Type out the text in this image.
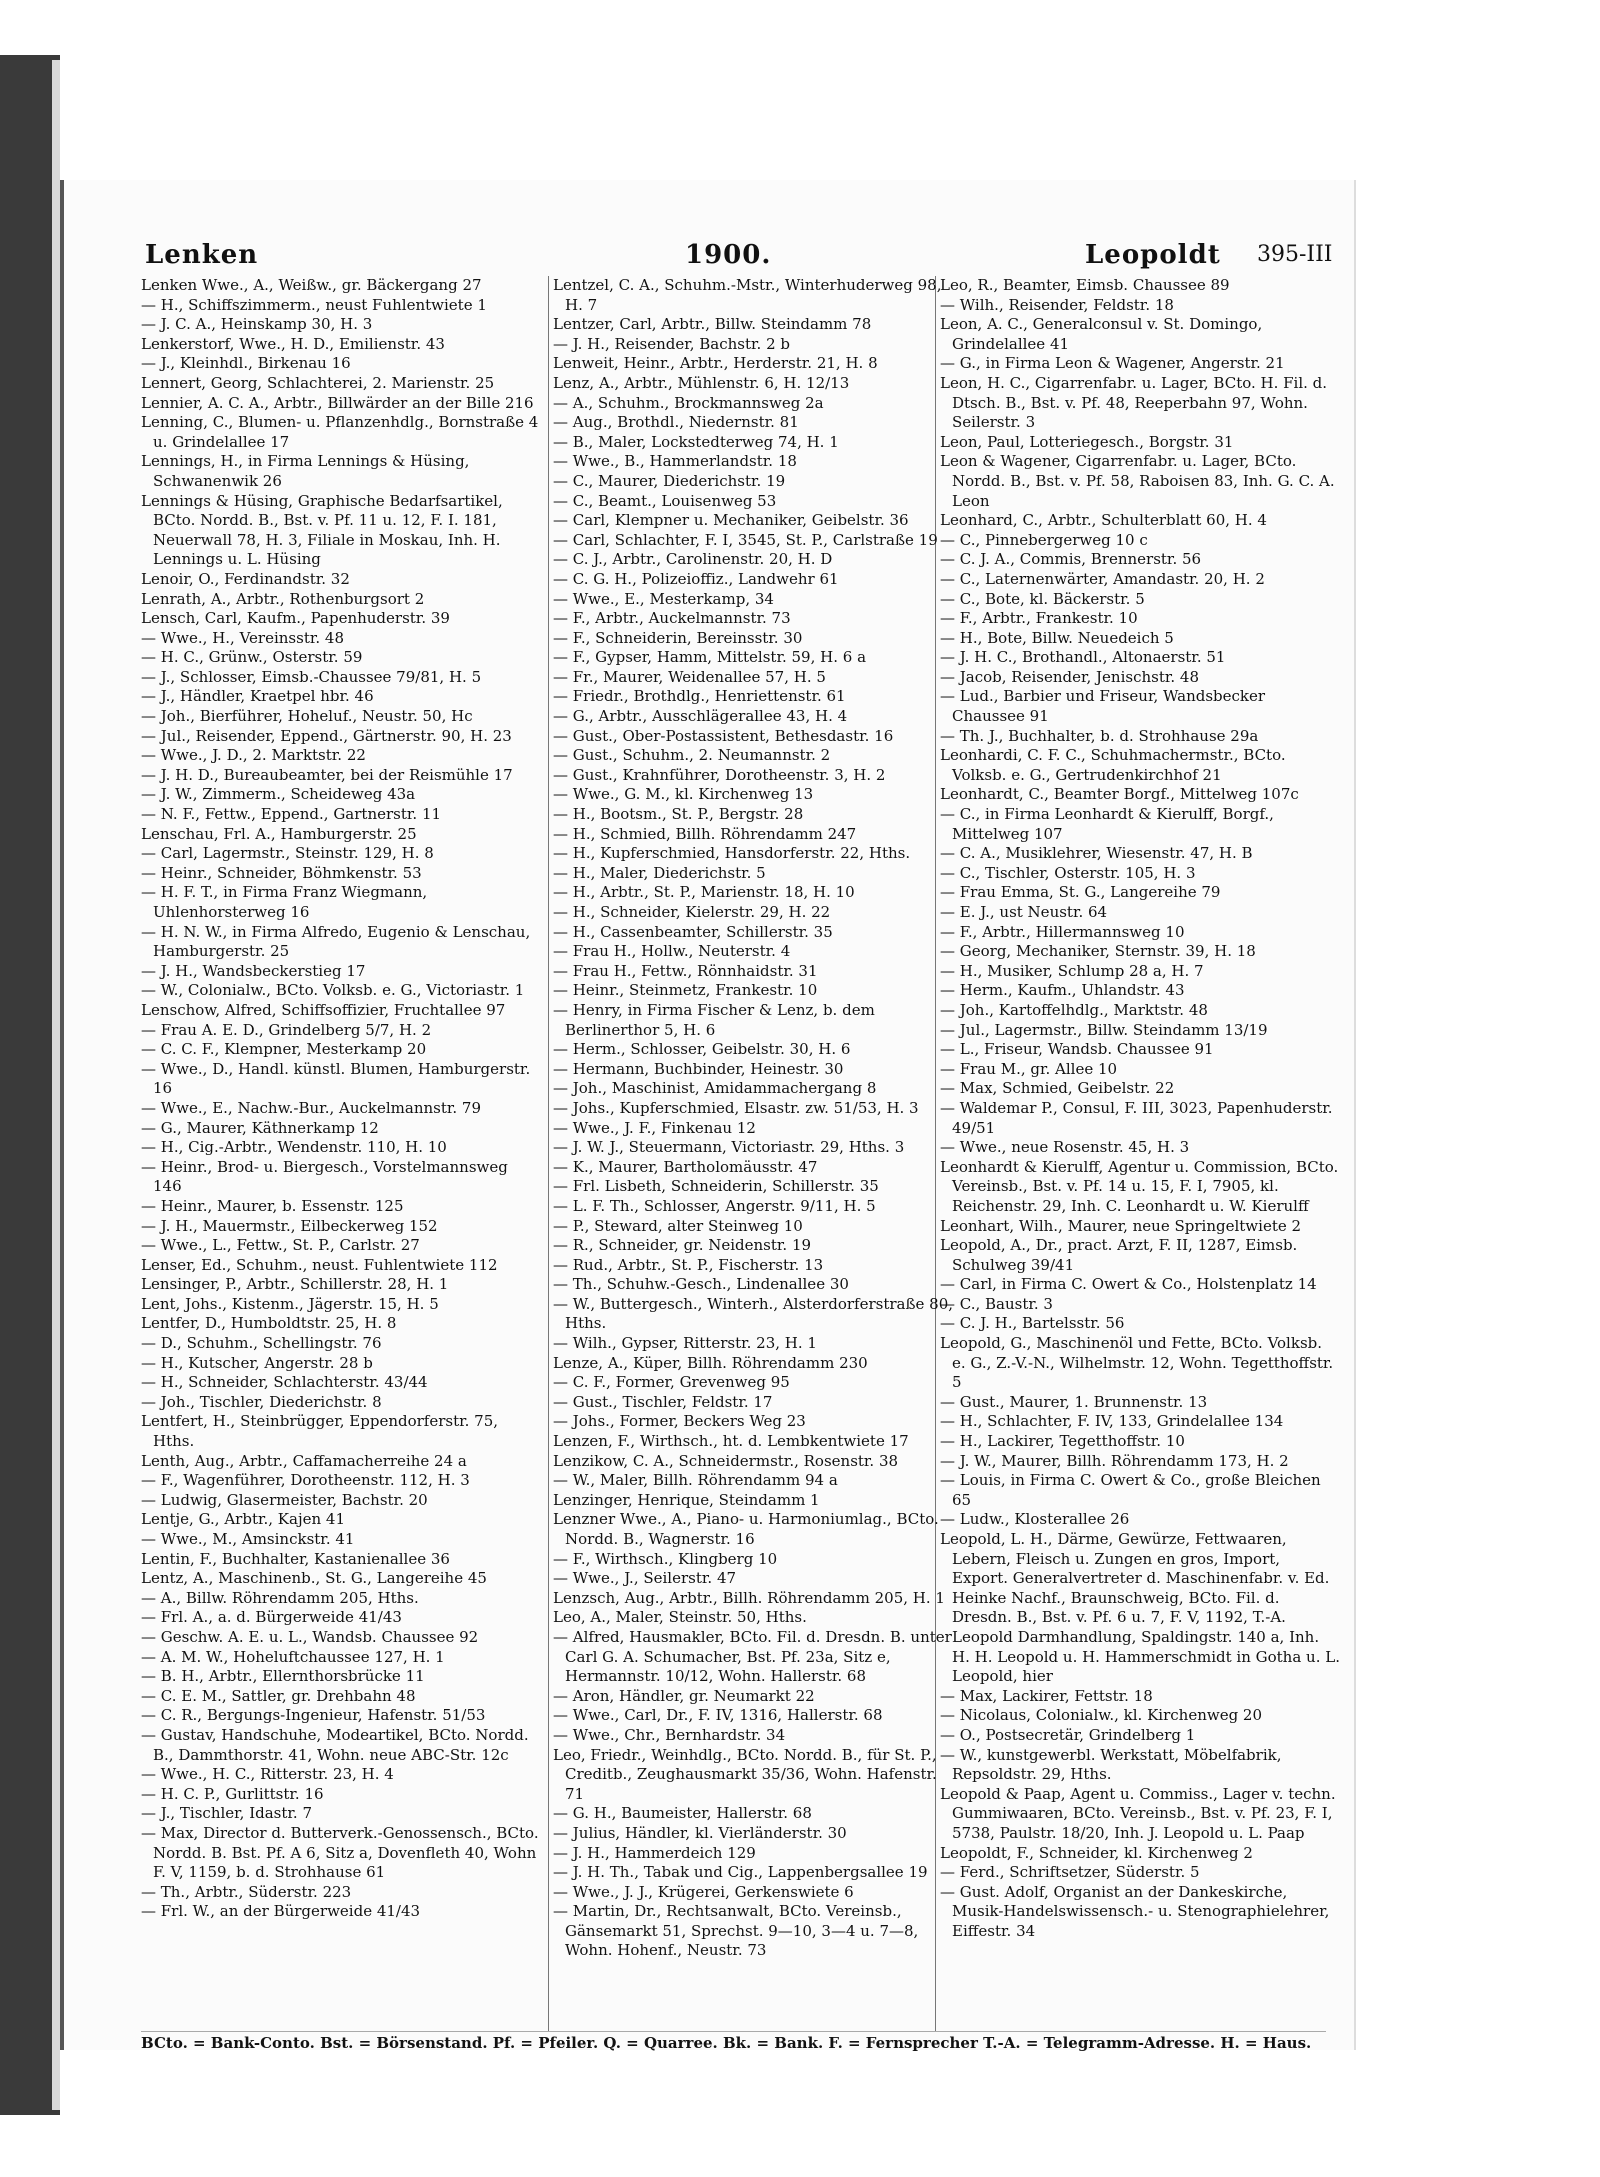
Lenken	1900.	Leopoldt 395-III
Lenken Wwe., A., Weißw., gr. Bäckergang 27
— H., Schiffszimmerm., neust Fuhlentwiete 1
— J. C. A., Heinskamp 30, H. 3
Lenkerstorf, Wwe., H. D., Emilienstr. 43
— J., Kleinhdl., Birkenau 16
Lennert, Georg, Schlachterei, 2. Marienstr. 25
Lennier, A. C. A., Arbtr., Billwärder an der Bille 216
Lenning, C., Blumen- u. Pflanzenhdlg., Bornstraße 4 u. Grindelallee 17
Lennings, H., in Firma Lennings & Hüsing, Schwanenwik 26
Lennings & Hüsing, Graphische Bedarfsartikel, BCto. Nordd. B., Bst. v. Pf. 11 u. 12, F. I. 181, Neuerwall 78, H. 3, Filiale in Moskau, Inh. H. Lennings u. L. Hüsing
Lenoir, O., Ferdinandstr. 32
Lenrath, A., Arbtr., Rothenburgsort 2
Lensch, Carl, Kaufm., Papenhuderstr. 39
— Wwe., H., Vereinsstr. 48
— H. C., Grünw., Osterstr. 59
— J., Schlosser, Eimsb.-Chaussee 79/81, H. 5
— J., Händler, Kraetpel hbr. 46
— Joh., Bierführer, Hoheluf., Neustr. 50, Hc
— Jul., Reisender, Eppend., Gärtnerstr. 90, H. 23
— Wwe., J. D., 2. Marktstr. 22
— J. H. D., Bureaubeamter, bei der Reismühle 17
— J. W., Zimmerm., Scheideweg 43a
— N. F., Fettw., Eppend., Gartnerstr. 11
Lenschau, Frl. A., Hamburgerstr. 25
— Carl, Lagermstr., Steinstr. 129, H. 8
— Heinr., Schneider, Böhmkenstr. 53
— H. F. T., in Firma Franz Wiegmann, Uhlenhorsterweg 16
— H. N. W., in Firma Alfredo, Eugenio & Lenschau, Hamburgerstr. 25
— J. H., Wandsbeckerstieg 17
— W., Colonialw., BCto. Volksb. e. G., Victoriastr. 1
Lenschow, Alfred, Schiffsoffizier, Fruchtallee 97
— Frau A. E. D., Grindelberg 5/7, H. 2
— C. C. F., Klempner, Mesterkamp 20
— Wwe., D., Handl. künstl. Blumen, Hamburgerstr. 16
— Wwe., E., Nachw.-Bur., Auckelmannstr. 79
— G., Maurer, Käthnerkamp 12
— H., Cig.-Arbtr., Wendenstr. 110, H. 10
— Heinr., Brod- u. Biergesch., Vorstelmannsweg 146
— Heinr., Maurer, b. Essenstr. 125
— J. H., Mauermstr., Eilbeckerweg 152
— Wwe., L., Fettw., St. P., Carlstr. 27
Lenser, Ed., Schuhm., neust. Fuhlentwiete 112
Lensinger, P., Arbtr., Schillerstr. 28, H. 1
Lent, Johs., Kistenm., Jägerstr. 15, H. 5
Lentfer, D., Humboldtstr. 25, H. 8
— D., Schuhm., Schellingstr. 76
— H., Kutscher, Angerstr. 28 b
— H., Schneider, Schlachterstr. 43/44
— Joh., Tischler, Diederichstr. 8
Lentfert, H., Steinbrügger, Eppendorferstr. 75, Hths.
Lenth, Aug., Arbtr., Caffamacherreihe 24 a
— F., Wagenführer, Dorotheenstr. 112, H. 3
— Ludwig, Glasermeister, Bachstr. 20
Lentje, G., Arbtr., Kajen 41
— Wwe., M., Amsinckstr. 41
Lentin, F., Buchhalter, Kastanienallee 36
Lentz, A., Maschinenb., St. G., Langereihe 45
— A., Billw. Röhrendamm 205, Hths.
— Frl. A., a. d. Bürgerweide 41/43
— Geschw. A. E. u. L., Wandsb. Chaussee 92
— A. M. W., Hoheluftchaussee 127, H. 1
— B. H., Arbtr., Ellernthorsbrücke 11
— C. E. M., Sattler, gr. Drehbahn 48
— C. R., Bergungs-Ingenieur, Hafenstr. 51/53
— Gustav, Handschuhe, Modeartikel, BCto. Nordd. B., Dammthorstr. 41, Wohn. neue ABC-Str. 12c
— Wwe., H. C., Ritterstr. 23, H. 4
— H. C. P., Gurlittstr. 16
— J., Tischler, Idastr. 7
— Max, Director d. Butterverk.-Genossensch., BCto. Nordd. B. Bst. Pf. A 6, Sitz a, Dovenfleth 40, Wohn F. V, 1159, b. d. Strohhause 61
— Th., Arbtr., Süderstr. 223
— Frl. W., an der Bürgerweide 41/43
Lentzel, C. A., Schuhm.-Mstr., Winterhuderweg 98, H. 7
Lentzer, Carl, Arbtr., Billw. Steindamm 78
— J. H., Reisender, Bachstr. 2 b
Lenweit, Heinr., Arbtr., Herderstr. 21, H. 8
Lenz, A., Arbtr., Mühlenstr. 6, H. 12/13
— A., Schuhm., Brockmannsweg 2a
— Aug., Brothdl., Niedernstr. 81
— B., Maler, Lockstedterweg 74, H. 1
— Wwe., B., Hammerlandstr. 18
— C., Maurer, Diederichstr. 19
— C., Beamt., Louisenweg 53
— Carl, Klempner u. Mechaniker, Geibelstr. 36
— Carl, Schlachter, F. I, 3545, St. P., Carlstraße 19
— C. J., Arbtr., Carolinenstr. 20, H. D
— C. G. H., Polizeioffiz., Landwehr 61
— Wwe., E., Mesterkamp, 34
— F., Arbtr., Auckelmannstr. 73
— F., Schneiderin, Bereinsstr. 30
— F., Gypser, Hamm, Mittelstr. 59, H. 6 a
— Fr., Maurer, Weidenallee 57, H. 5
— Friedr., Brothdlg., Henriettenstr. 61
— G., Arbtr., Ausschlägerallee 43, H. 4
— Gust., Ober-Postassistent, Bethesdastr. 16
— Gust., Schuhm., 2. Neumannstr. 2
— Gust., Krahnführer, Dorotheenstr. 3, H. 2
— Wwe., G. M., kl. Kirchenweg 13
— H., Bootsm., St. P., Bergstr. 28
— H., Schmied, Billh. Röhrendamm 247
— H., Kupferschmied, Hansdorferstr. 22, Hths.
— H., Maler, Diederichstr. 5
— H., Arbtr., St. P., Marienstr. 18, H. 10
— H., Schneider, Kielerstr. 29, H. 22
— H., Cassenbeamter, Schillerstr. 35
— Frau H., Hollw., Neuterstr. 4
— Frau H., Fettw., Rönnhaidstr. 31
— Heinr., Steinmetz, Frankestr. 10
— Henry, in Firma Fischer & Lenz, b. dem Berlinerthor 5, H. 6
— Herm., Schlosser, Geibelstr. 30, H. 6
— Hermann, Buchbinder, Heinestr. 30
— Joh., Maschinist, Amidammachergang 8
— Johs., Kupferschmied, Elsastr. zw. 51/53, H. 3
— Wwe., J. F., Finkenau 12
— J. W. J., Steuermann, Victoriastr. 29, Hths. 3
— K., Maurer, Bartholomäusstr. 47
— Frl. Lisbeth, Schneiderin, Schillerstr. 35
— L. F. Th., Schlosser, Angerstr. 9/11, H. 5
— P., Steward, alter Steinweg 10
— R., Schneider, gr. Neidenstr. 19
— Rud., Arbtr., St. P., Fischerstr. 13
— Th., Schuhw.-Gesch., Lindenallee 30
— W., Buttergesch., Winterh., Alsterdorferstraße 80, Hths.
— Wilh., Gypser, Ritterstr. 23, H. 1
Lenze, A., Küper, Billh. Röhrendamm 230
— C. F., Former, Grevenweg 95
— Gust., Tischler, Feldstr. 17
— Johs., Former, Beckers Weg 23
Lenzen, F., Wirthsch., ht. d. Lembkentwiete 17
Lenzikow, C. A., Schneidermstr., Rosenstr. 38
— W., Maler, Billh. Röhrendamm 94 a
Lenzinger, Henrique, Steindamm 1
Lenzner Wwe., A., Piano- u. Harmoniumlag., BCto. Nordd. B., Wagnerstr. 16
— F., Wirthsch., Klingberg 10
— Wwe., J., Seilerstr. 47
Lenzsch, Aug., Arbtr., Billh. Röhrendamm 205, H. 1
Leo, A., Maler, Steinstr. 50, Hths.
— Alfred, Hausmakler, BCto. Fil. d. Dresdn. B. unter Carl G. A. Schumacher, Bst. Pf. 23a, Sitz e, Hermannstr. 10/12, Wohn. Hallerstr. 68
— Aron, Händler, gr. Neumarkt 22
— Wwe., Carl, Dr., F. IV, 1316, Hallerstr. 68
— Wwe., Chr., Bernhardstr. 34
Leo, Friedr., Weinhdlg., BCto. Nordd. B., für St. P., Creditb., Zeughausmarkt 35/36, Wohn. Hafenstr. 71
— G. H., Baumeister, Hallerstr. 68
— Julius, Händler, kl. Vierländerstr. 30
— J. H., Hammerdeich 129
— J. H. Th., Tabak und Cig., Lappenbergsallee 19
— Wwe., J. J., Krügerei, Gerkenswiete 6
— Martin, Dr., Rechtsanwalt, BCto. Vereinsb., Gänsemarkt 51, Sprechst. 9—10, 3—4 u. 7—8, Wohn. Hohenf., Neustr. 73
Leo, R., Beamter, Eimsb. Chaussee 89
— Wilh., Reisender, Feldstr. 18
Leon, A. C., Generalconsul v. St. Domingo, Grindelallee 41
— G., in Firma Leon & Wagener, Angerstr. 21
Leon, H. C., Cigarrenfabr. u. Lager, BCto. H. Fil. d. Dtsch. B., Bst. v. Pf. 48, Reeperbahn 97, Wohn. Seilerstr. 3
Leon, Paul, Lotteriegesch., Borgstr. 31
Leon & Wagener, Cigarrenfabr. u. Lager, BCto. Nordd. B., Bst. v. Pf. 58, Raboisen 83, Inh. G. C. A. Leon
Leonhard, C., Arbtr., Schulterblatt 60, H. 4
— C., Pinnebergerweg 10 c
— C. J. A., Commis, Brennerstr. 56
— C., Laternenwärter, Amandastr. 20, H. 2
— C., Bote, kl. Bäckerstr. 5
— F., Arbtr., Frankestr. 10
— H., Bote, Billw. Neuedeich 5
— J. H. C., Brothandl., Altonaerstr. 51
— Jacob, Reisender, Jenischstr. 48
— Lud., Barbier und Friseur, Wandsbecker Chaussee 91
— Th. J., Buchhalter, b. d. Strohhause 29a
Leonhardi, C. F. C., Schuhmachermstr., BCto. Volksb. e. G., Gertrudenkirchhof 21
Leonhardt, C., Beamter Borgf., Mittelweg 107c
— C., in Firma Leonhardt & Kierulff, Borgf., Mittelweg 107
— C. A., Musiklehrer, Wiesenstr. 47, H. B
— C., Tischler, Osterstr. 105, H. 3
— Frau Emma, St. G., Langereihe 79
— E. J., ust Neustr. 64
— F., Arbtr., Hillermannsweg 10
— Georg, Mechaniker, Sternstr. 39, H. 18
— H., Musiker, Schlump 28 a, H. 7
— Herm., Kaufm., Uhlandstr. 43
— Joh., Kartoffelhdlg., Marktstr. 48
— Jul., Lagermstr., Billw. Steindamm 13/19
— L., Friseur, Wandsb. Chaussee 91
— Frau M., gr. Allee 10
— Max, Schmied, Geibelstr. 22
— Waldemar P., Consul, F. III, 3023, Papenhuderstr. 49/51
— Wwe., neue Rosenstr. 45, H. 3
Leonhardt & Kierulff, Agentur u. Commission, BCto. Vereinsb., Bst. v. Pf. 14 u. 15, F. I, 7905, kl. Reichenstr. 29, Inh. C. Leonhardt u. W. Kierulff
Leonhart, Wilh., Maurer, neue Springeltwiete 2
Leopold, A., Dr., pract. Arzt, F. II, 1287, Eimsb. Schulweg 39/41
— Carl, in Firma C. Owert & Co., Holstenplatz 14
— C., Baustr. 3
— C. J. H., Bartelsstr. 56
Leopold, G., Maschinenöl und Fette, BCto. Volksb. e. G., Z.-V.-N., Wilhelmstr. 12, Wohn. Tegetthoffstr. 5
— Gust., Maurer, 1. Brunnenstr. 13
— H., Schlachter, F. IV, 133, Grindelallee 134
— H., Lackirer, Tegetthoffstr. 10
— J. W., Maurer, Billh. Röhrendamm 173, H. 2
— Louis, in Firma C. Owert & Co., große Bleichen 65
— Ludw., Klosterallee 26
Leopold, L. H., Därme, Gewürze, Fettwaaren, Lebern, Fleisch u. Zungen en gros, Import, Export. Generalvertreter d. Maschinenfabr. v. Ed. Heinke Nachf., Braunschweig, BCto. Fil. d. Dresdn. B., Bst. v. Pf. 6 u. 7, F. V, 1192, T.-A. Leopold Darmhandlung, Spaldingstr. 140 a, Inh. H. H. Leopold u. H. Hammerschmidt in Gotha u. L. Leopold, hier
— Max, Lackirer, Fettstr. 18
— Nicolaus, Colonialw., kl. Kirchenweg 20
— O., Postsecretär, Grindelberg 1
— W., kunstgewerbl. Werkstatt, Möbelfabrik, Repsoldstr. 29, Hths.
Leopold & Paap, Agent u. Commiss., Lager v. techn. Gummiwaaren, BCto. Vereinsb., Bst. v. Pf. 23, F. I, 5738, Paulstr. 18/20, Inh. J. Leopold u. L. Paap
Leopoldt, F., Schneider, kl. Kirchenweg 2
— Ferd., Schriftsetzer, Süderstr. 5
— Gust. Adolf, Organist an der Dankeskirche, Musik-Handelswissensch.- u. Stenographielehrer, Eiffestr. 34
BCto. = Bank-Conto. Bst. = Börsenstand. Pf. = Pfeiler. Q. = Quarree. Bk. = Bank. F. = Fernsprecher T.-A. = Telegramm-Adresse. H. = Haus.
